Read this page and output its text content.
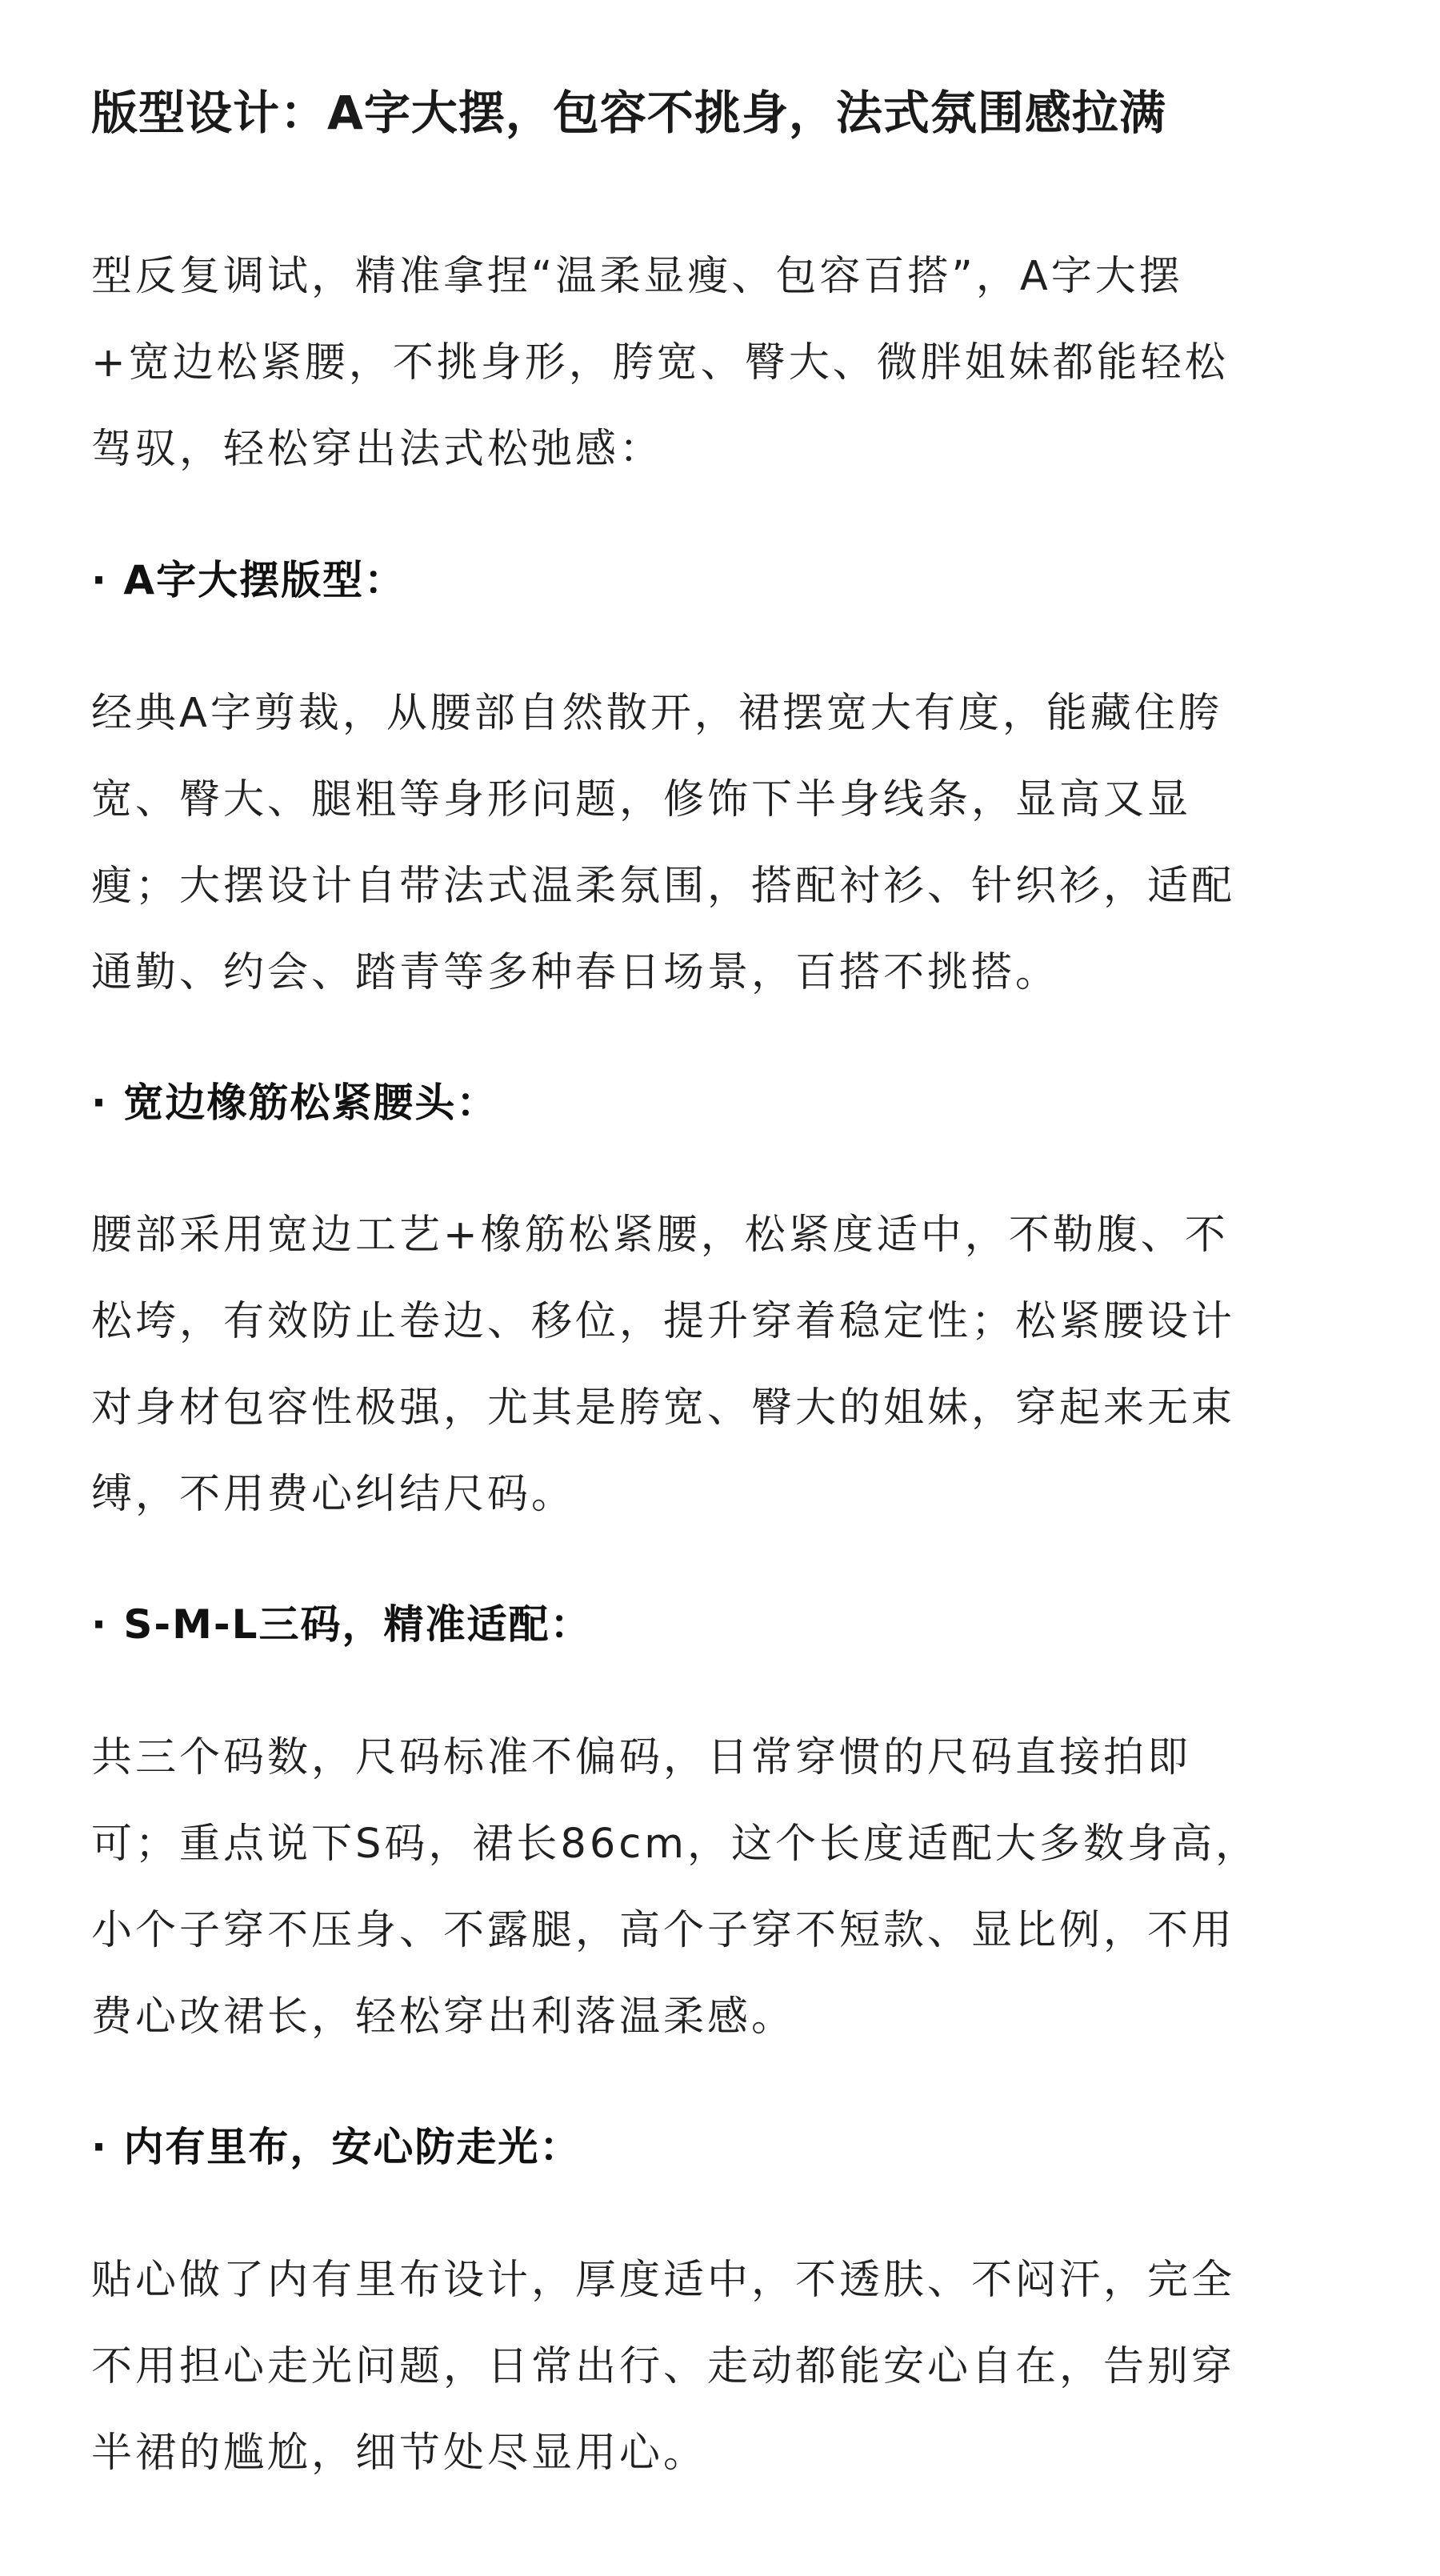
版型设计：A字大摆，包容不挑身，法式氛围感拉满
型反复调试，精准拿捏“温柔显瘦、包容百搭”，A字大摆
+宽边松紧腰，不挑身形，胯宽、臀大、微胖姐妹都能轻松
驾驭，轻松穿出法式松弛感：
· A字大摆版型：
经典A字剪裁，从腰部自然散开，裙摆宽大有度，能藏住胯
宽、臀大、腿粗等身形问题，修饰下半身线条，显高又显
瘦；大摆设计自带法式温柔氛围，搭配衬衫、针织衫，适配
通勤、约会、踏青等多种春日场景，百搭不挑搭。
· 宽边橡筋松紧腰头：
腰部采用宽边工艺+橡筋松紧腰，松紧度适中，不勒腹、不
松垮，有效防止卷边、移位，提升穿着稳定性；松紧腰设计
对身材包容性极强，尤其是胯宽、臀大的姐妹，穿起来无束
缚，不用费心纠结尺码。
· S-M-L三码，精准适配：
共三个码数，尺码标准不偏码，日常穿惯的尺码直接拍即
可；重点说下S码，裙长86cm，这个长度适配大多数身高，
小个子穿不压身、不露腿，高个子穿不短款、显比例，不用
费心改裙长，轻松穿出利落温柔感。
· 内有里布，安心防走光：
贴心做了内有里布设计，厚度适中，不透肤、不闷汗，完全
不用担心走光问题，日常出行、走动都能安心自在，告别穿
半裙的尴尬，细节处尽显用心。
